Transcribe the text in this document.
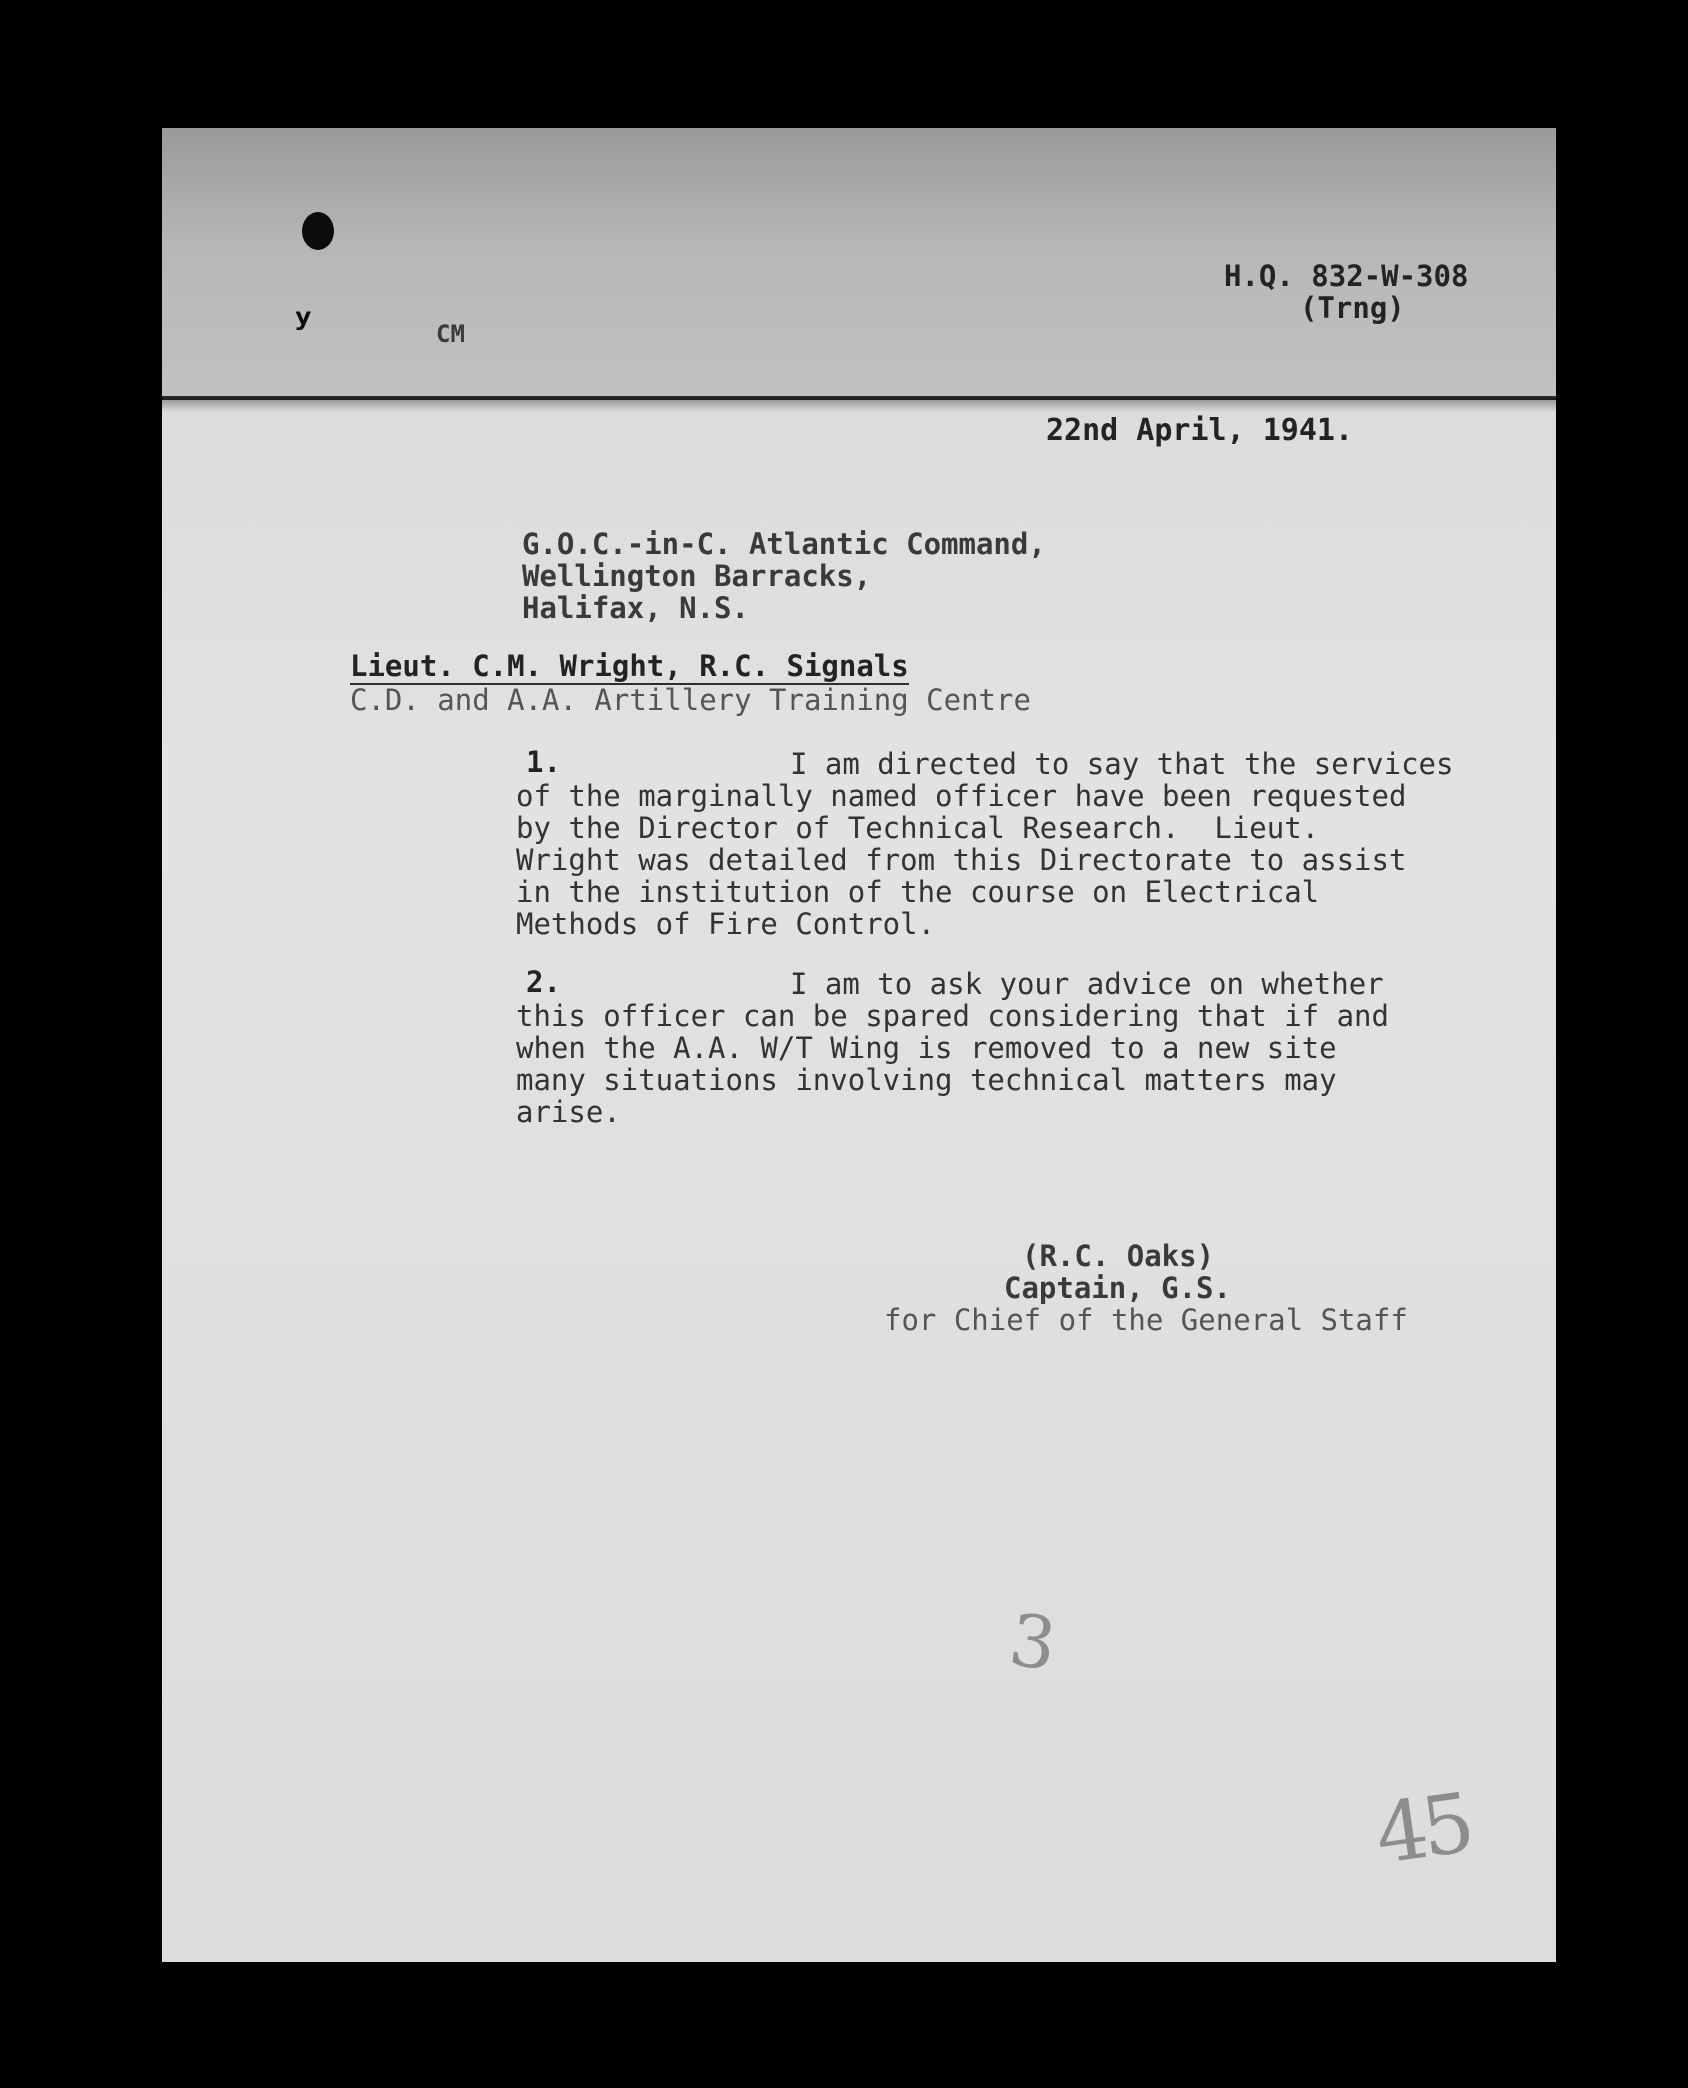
ʸ	CM
H.Q. 832-W-308
(Trng)
22nd April, 1941.
G.O.C.-in-C. Atlantic Command,
Wellington Barracks,
Halifax, N.S.
Lieut. C.M. Wright, R.C. Signals
C.D. and A.A. Artillery Training Centre
1.	I am directed to say that the services
of the marginally named officer have been requested
by the Director of Technical Research.  Lieut.
Wright was detailed from this Directorate to assist
in the institution of the course on Electrical
Methods of Fire Control.
2.	I am to ask your advice on whether
this officer can be spared considering that if and
when the A.A. W/T Wing is removed to a new site
many situations involving technical matters may
arise.
(R.C. Oaks)
Captain, G.S.
for Chief of the General Staff
3
45
